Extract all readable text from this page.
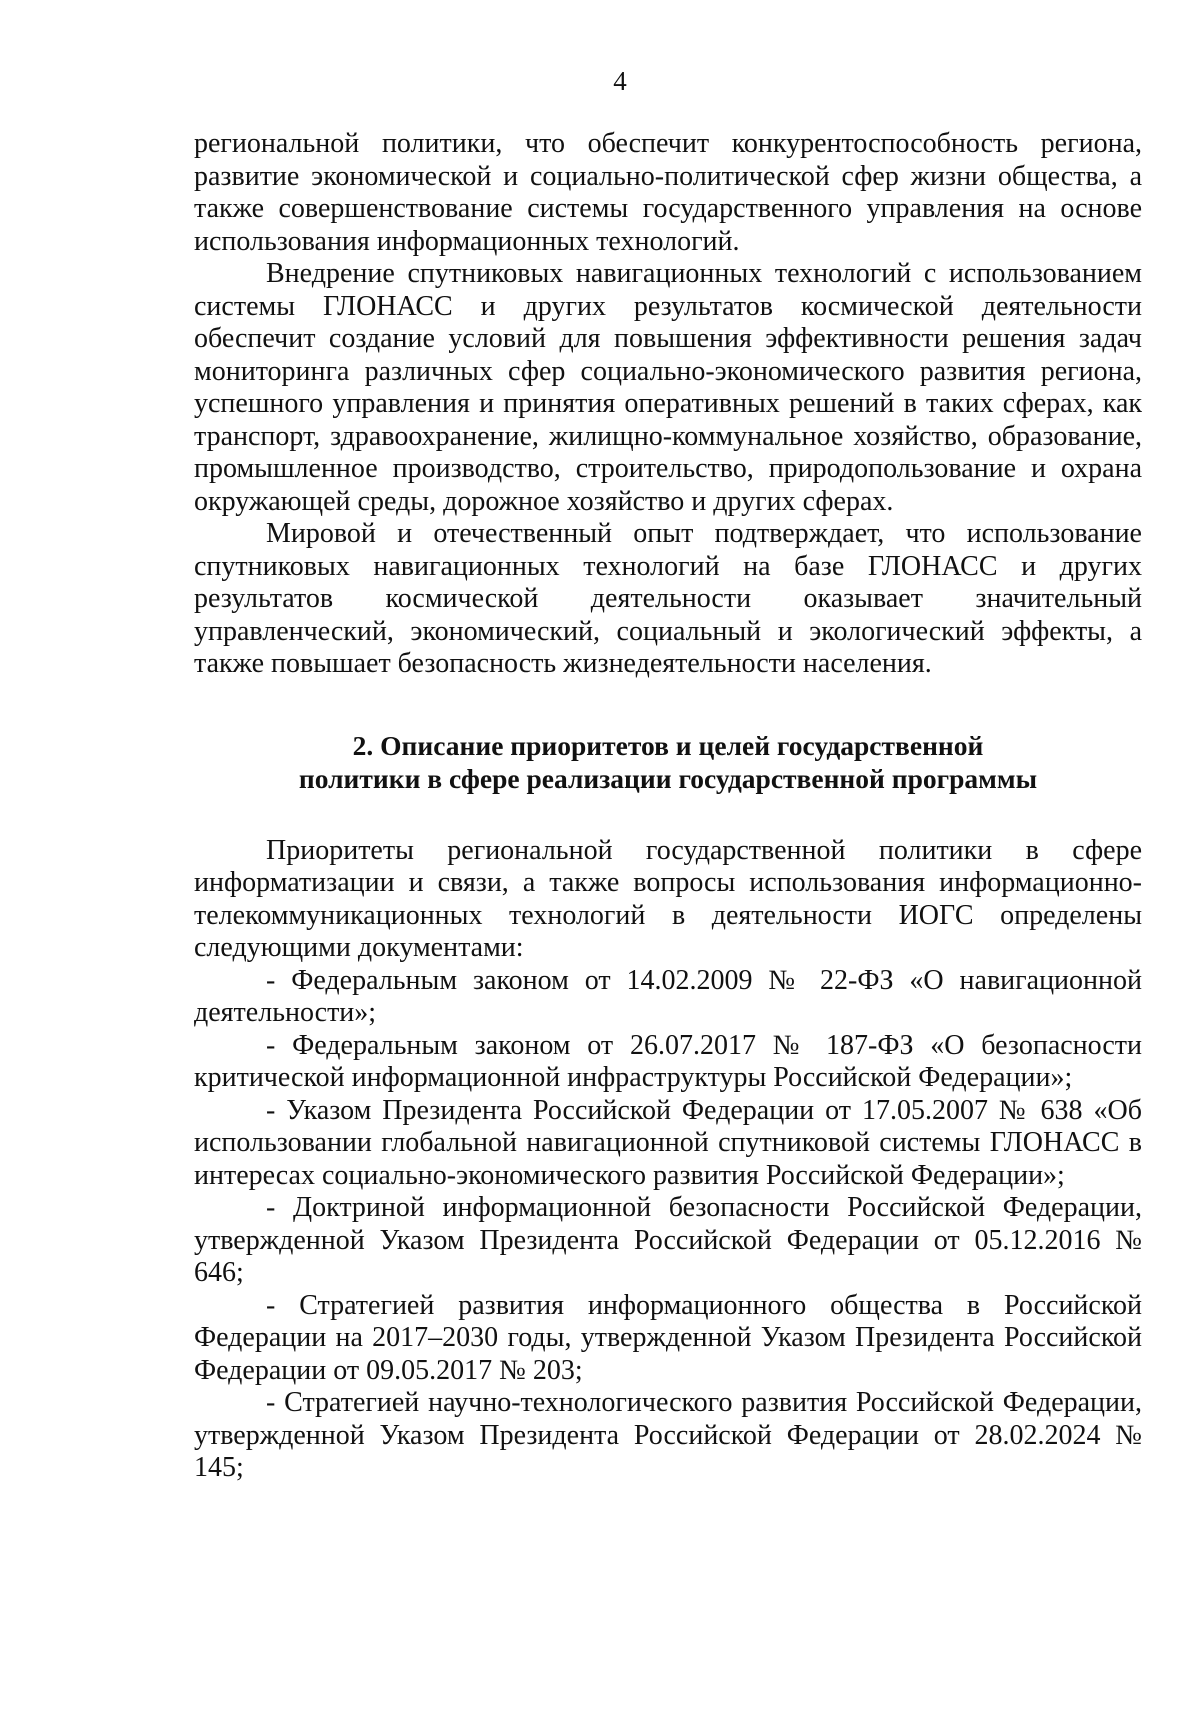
4

региональной политики, что обеспечит конкурентоспособность региона, развитие экономической и социально-политической сфер жизни общества, а также совершенствование системы государственного управления на основе использования информационных технологий.

Внедрение спутниковых навигационных технологий с использованием системы ГЛОНАСС и других результатов космической деятельности обеспечит создание условий для повышения эффективности решения задач мониторинга различных сфер социально-экономического развития региона, успешного управления и принятия оперативных решений в таких сферах, как транспорт, здравоохранение, жилищно-коммунальное хозяйство, образование, промышленное производство, строительство, природопользование и охрана окружающей среды, дорожное хозяйство и других сферах.

Мировой и отечественный опыт подтверждает, что использование спутниковых навигационных технологий на базе ГЛОНАСС и других результатов космической деятельности оказывает значительный управленческий, экономический, социальный и экологический эффекты, а также повышает безопасность жизнедеятельности населения.

2. Описание приоритетов и целей государственной
политики в сфере реализации государственной программы

Приоритеты региональной государственной политики в сфере информатизации и связи, а также вопросы использования информационно-телекоммуникационных технологий в деятельности ИОГС определены следующими документами:

- Федеральным законом от 14.02.2009 № 22-ФЗ «О навигационной деятельности»;

- Федеральным законом от 26.07.2017 № 187-ФЗ «О безопасности критической информационной инфраструктуры Российской Федерации»;

- Указом Президента Российской Федерации от 17.05.2007 № 638 «Об использовании глобальной навигационной спутниковой системы ГЛОНАСС в интересах социально-экономического развития Российской Федерации»;

- Доктриной информационной безопасности Российской Федерации, утвержденной Указом Президента Российской Федерации от 05.12.2016 № 646;

- Стратегией развития информационного общества в Российской Федерации на 2017–2030 годы, утвержденной Указом Президента Российской Федерации от 09.05.2017 № 203;

- Стратегией научно-технологического развития Российской Федерации, утвержденной Указом Президента Российской Федерации от 28.02.2024 № 145;
